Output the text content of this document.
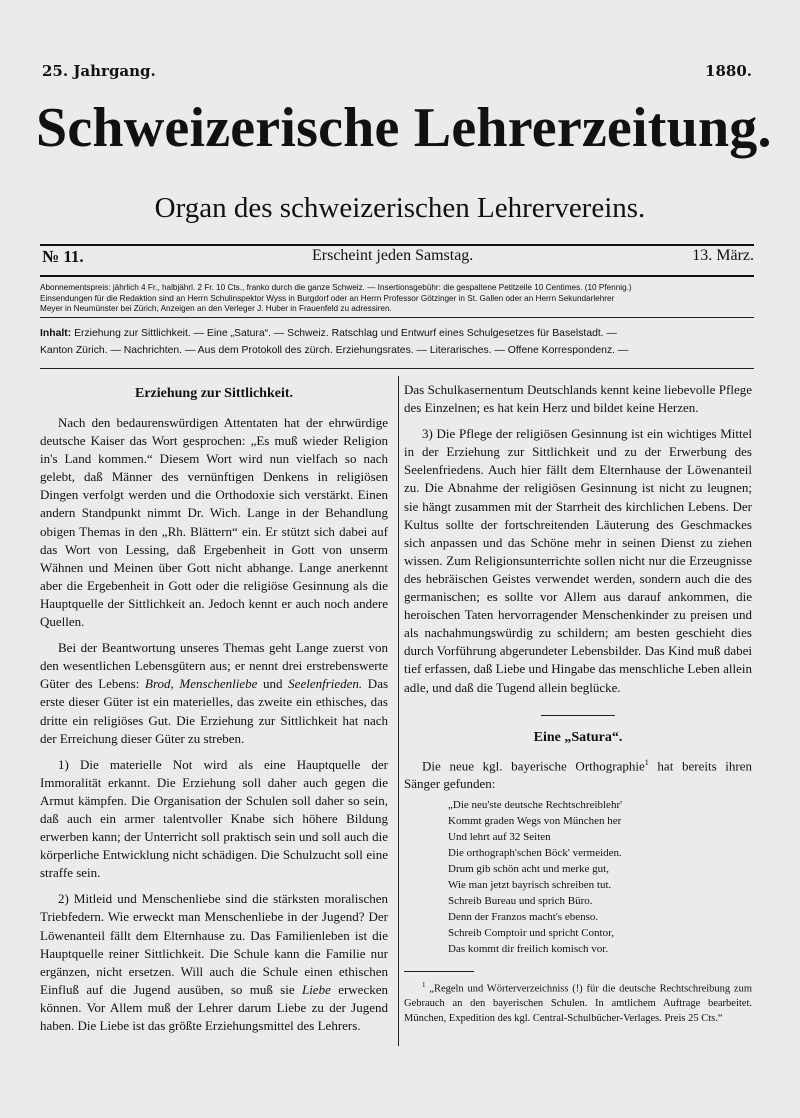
25. Jahrgang.	1880.
Schweizerische Lehrerzeitung.
Organ des schweizerischen Lehrervereins.
№ 11.	Erscheint jeden Samstag.	13. März.
Abonnementspreis: jährlich 4 Fr., halbjährl. 2 Fr. 10 Cts., franko durch die ganze Schweiz. — Insertionsgebühr: die gespaltene Petitzeile 10 Centimes. (10 Pfennig.)
Einsendungen für die Redaktion sind an Herrn Schulinspektor Wyss in Burgdorf oder an Herrn Professor Götzinger in St. Gallen oder an Herrn Sekundarlehrer
Meyer in Neumünster bei Zürich, Anzeigen an den Verleger J. Huber in Frauenfeld zu adressiren.
Inhalt: Erziehung zur Sittlichkeit. — Eine „Satura“. — Schweiz. Ratschlag und Entwurf eines Schulgesetzes für Baselstadt. —
Kanton Zürich. — Nachrichten. — Aus dem Protokoll des zürch. Erziehungsrates. — Literarisches. — Offene Korrespondenz. —
Erziehung zur Sittlichkeit.

Nach den bedaurenswürdigen Attentaten hat der ehrwürdige deutsche Kaiser das Wort gesprochen: „Es muß wieder Religion in's Land kommen.“ Diesem Wort wird nun vielfach so nach gelebt, daß Männer des vernünftigen Denkens in religiösen Dingen verfolgt werden und die Orthodoxie sich verstärkt. Einen andern Standpunkt nimmt Dr. Wich. Lange in der Behandlung obigen Themas in den „Rh. Blättern“ ein. Er stützt sich dabei auf das Wort von Lessing, daß Ergebenheit in Gott von unserm Wähnen und Meinen über Gott nicht abhange. Lange anerkennt aber die Ergebenheit in Gott oder die religiöse Gesinnung als die Hauptquelle der Sittlichkeit an. Jedoch kennt er auch noch andere Quellen.

Bei der Beantwortung unseres Themas geht Lange zuerst von den wesentlichen Lebensgütern aus; er nennt drei erstrebenswerte Güter des Lebens: Brod, Menschenliebe und Seelenfrieden. Das erste dieser Güter ist ein materielles, das zweite ein ethisches, das dritte ein religiöses Gut. Die Erziehung zur Sittlichkeit hat nach der Erreichung dieser Güter zu streben.

1) Die materielle Not wird als eine Hauptquelle der Immoralität erkannt. Die Erziehung soll daher auch gegen die Armut kämpfen. Die Organisation der Schulen soll daher so sein, daß auch ein armer talentvoller Knabe sich höhere Bildung erwerben kann; der Unterricht soll praktisch sein und soll auch die körperliche Entwicklung nicht schädigen. Die Schulzucht soll eine straffe sein.

2) Mitleid und Menschenliebe sind die stärksten moralischen Triebfedern. Wie erweckt man Menschenliebe in der Jugend? Der Löwenanteil fällt dem Elternhause zu. Das Familienleben ist die Hauptquelle reiner Sittlichkeit. Die Schule kann die Familie nur ergänzen, nicht ersetzen. Will auch die Schule einen ethischen Einfluß auf die Jugend ausüben, so muß sie Liebe erwecken können. Vor Allem muß der Lehrer darum Liebe zu der Jugend haben. Die Liebe ist das größte Erziehungsmittel des Lehrers.

Das Schulkasernentum Deutschlands kennt keine liebevolle Pflege des Einzelnen; es hat kein Herz und bildet keine Herzen.

3) Die Pflege der religiösen Gesinnung ist ein wichtiges Mittel in der Erziehung zur Sittlichkeit und zu der Erwerbung des Seelenfriedens. Auch hier fällt dem Elternhause der Löwenanteil zu. Die Abnahme der religiösen Gesinnung ist nicht zu leugnen; sie hängt zusammen mit der Starrheit des kirchlichen Lebens. Der Kultus sollte der fortschreitenden Läuterung des Geschmackes sich anpassen und das Schöne mehr in seinen Dienst zu ziehen wissen. Zum Religionsunterrichte sollen nicht nur die Erzeugnisse des hebräischen Geistes verwendet werden, sondern auch die des germanischen; es sollte vor Allem aus darauf ankommen, die heroischen Taten hervorragender Menschenkinder zu preisen und als nachahmungswürdig zu schildern; am besten geschieht dies durch Vorführung abgerundeter Lebensbilder. Das Kind muß dabei tief erfassen, daß Liebe und Hingabe das menschliche Leben allein adle, und daß die Tugend allein beglücke.

Eine „Satura“.

Die neue kgl. bayerische Orthographie$^1$ hat bereits ihren Sänger gefunden:

„Die neu'ste deutsche Rechtschreiblehr'
Kommt graden Wegs von München her
Und lehrt auf 32 Seiten
Die orthograph'schen Böck' vermeiden.
Drum gib schön acht und merke gut,
Wie man jetzt bayrisch schreiben tut.
Schreib Bureau und sprich Büro.
Denn der Franzos macht's ebenso.
Schreib Comptoir und spricht Contor,
Das kommt dir freilich komisch vor.
$^1$ „Regeln und Wörterverzeichniss (!) für die deutsche Rechtschreibung zum Gebrauch an den bayerischen Schulen. In amtlichem Auftrage bearbeitet. München, Expedition des kgl. Central-Schulbücher-Verlages. Preis 25 Cts.“
